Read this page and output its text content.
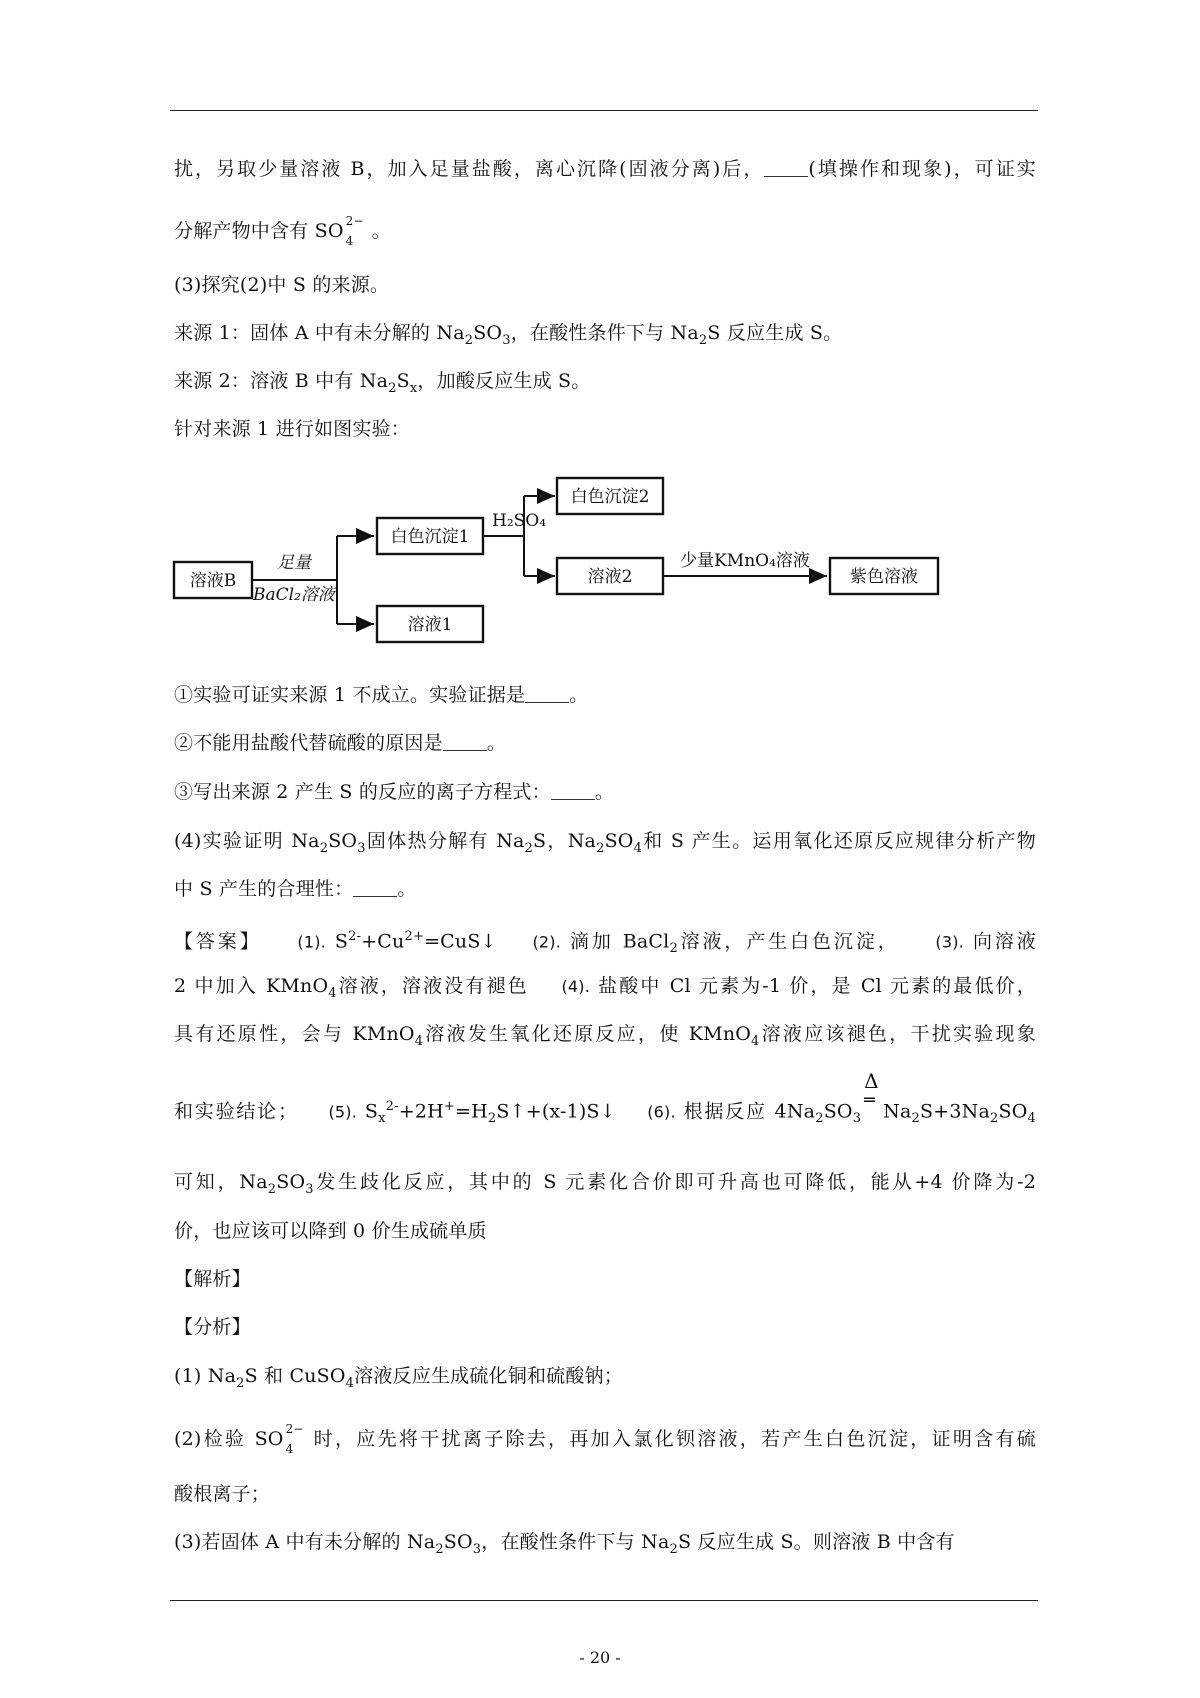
扰，另取少量溶液 B，加入足量盐酸，离心沉降(固液分离)后， (填操作和现象)，可证实
分解产物中含有 SO 2−
4 。
(3)探究(2)中 S 的来源。
来源 1：固体 A 中有未分解的 $Na_2SO_3$，在酸性条件下与 $Na_2S$ 反应生成 S。
来源 2：溶液 B 中有 $Na_2S_x$，加酸反应生成 S。
针对来源 1 进行如图实验：
溶液B
足量
BaCl₂溶液
白色沉淀1
溶液1
H₂SO₄
白色沉淀2
溶液2
少量KMnO₄溶液
紫色溶液
①实验可证实来源 1 不成立。实验证据是 。
②不能用盐酸代替硫酸的原因是 。
③写出来源 2 产生 S 的反应的离子方程式： 。
(4)实验证明 $Na_2SO_3$固体热分解有 $Na_2S$，$Na_2SO_4$和 S 产生。运用氧化还原反应规律分析产物
中 S 产生的合理性： 。
【答案】 (1). $S^{2-}+Cu^{2+}=CuS↓$ (2). 滴加 BaCl$_2$溶液，产生白色沉淀， (3). 向溶液
2 中加入 KMnO$_4$溶液，溶液没有褪色 (4). 盐酸中 Cl 元素为-1 价，是 Cl 元素的最低价，
具有还原性，会与 KMnO$_4$溶液发生氧化还原反应，使 KMnO$_4$溶液应该褪色，干扰实验现象
和实验结论； (5). $S_x^{2-}+2H^+=H_2S↑+(x-1)S↓$ (6). 根据反应 $4Na_2SO_3$
Δ
═ $Na_2S+3Na_2SO_4$
可知，$Na_2SO_3$发生歧化反应，其中的 S 元素化合价即可升高也可降低，能从+4 价降为-2
价，也应该可以降到 0 价生成硫单质
【解析】
【分析】
(1) $Na_2S$ 和 CuSO$_4$溶液反应生成硫化铜和硫酸钠；
(2)检验 SO 2−
4 时，应先将干扰离子除去，再加入氯化钡溶液，若产生白色沉淀，证明含有硫
酸根离子；
(3)若固体 A 中有未分解的 $Na_2SO_3$，在酸性条件下与 $Na_2S$ 反应生成 S。则溶液 B 中含有
- 20 -
